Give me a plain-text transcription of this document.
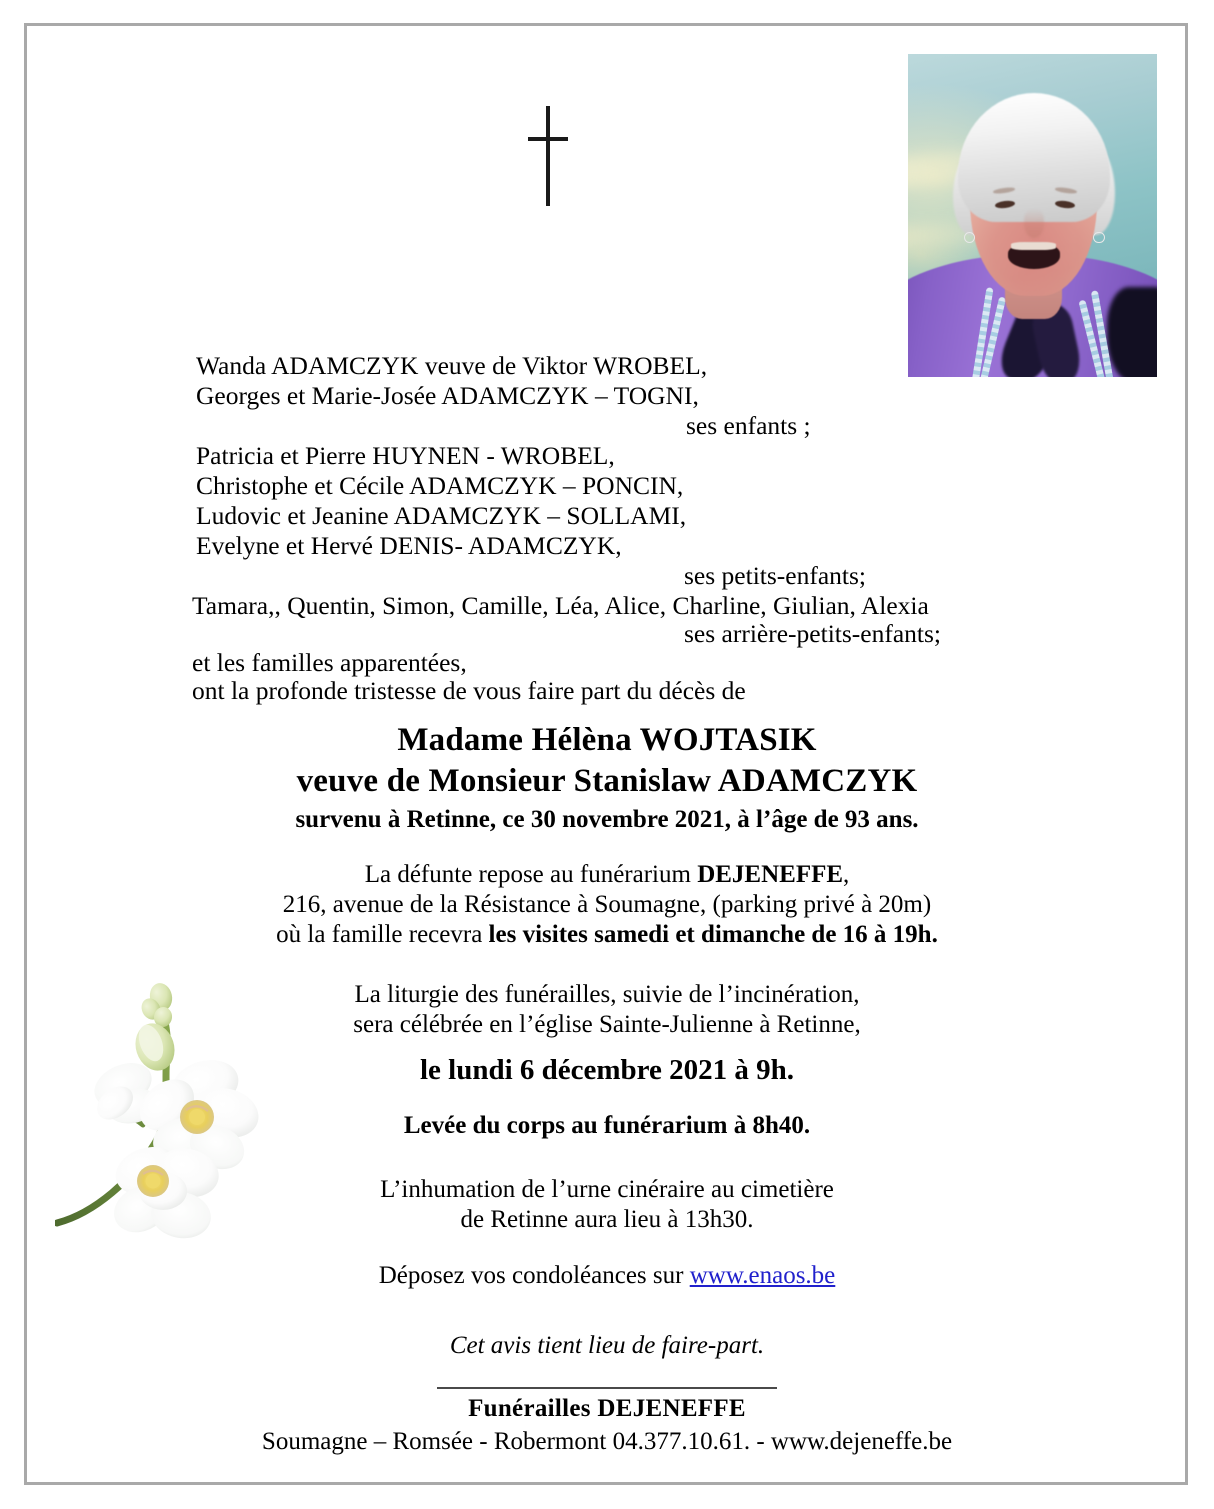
Wanda ADAMCZYK veuve de Viktor WROBEL,
Georges et Marie-Josée ADAMCZYK – TOGNI,
ses enfants ;
Patricia et Pierre HUYNEN - WROBEL,
Christophe et Cécile ADAMCZYK – PONCIN,
Ludovic et Jeanine ADAMCZYK – SOLLAMI,
Evelyne et Hervé DENIS- ADAMCZYK,
ses petits-enfants;
Tamara,, Quentin, Simon, Camille, Léa, Alice, Charline, Giulian, Alexia
ses arrière-petits-enfants;
et les familles apparentées,
ont la profonde tristesse de vous faire part du décès de
Madame Hélèna WOJTASIK
veuve de Monsieur Stanislaw ADAMCZYK
survenu à Retinne, ce 30 novembre 2021, à l’âge de 93 ans.
La défunte repose au funérarium DEJENEFFE,
216, avenue de la Résistance à Soumagne, (parking privé à 20m)
où la famille recevra les visites samedi et dimanche de 16 à 19h.
La liturgie des funérailles, suivie de l’incinération,
sera célébrée en l’église Sainte-Julienne à Retinne,
le lundi 6 décembre 2021 à 9h.
Levée du corps au funérarium à 8h40.
L’inhumation de l’urne cinéraire au cimetière
de Retinne aura lieu à 13h30.
Déposez vos condoléances sur www.enaos.be
Cet avis tient lieu de faire-part.
Funérailles DEJENEFFE
Soumagne – Romsée - Robermont 04.377.10.61. - www.dejeneffe.be
